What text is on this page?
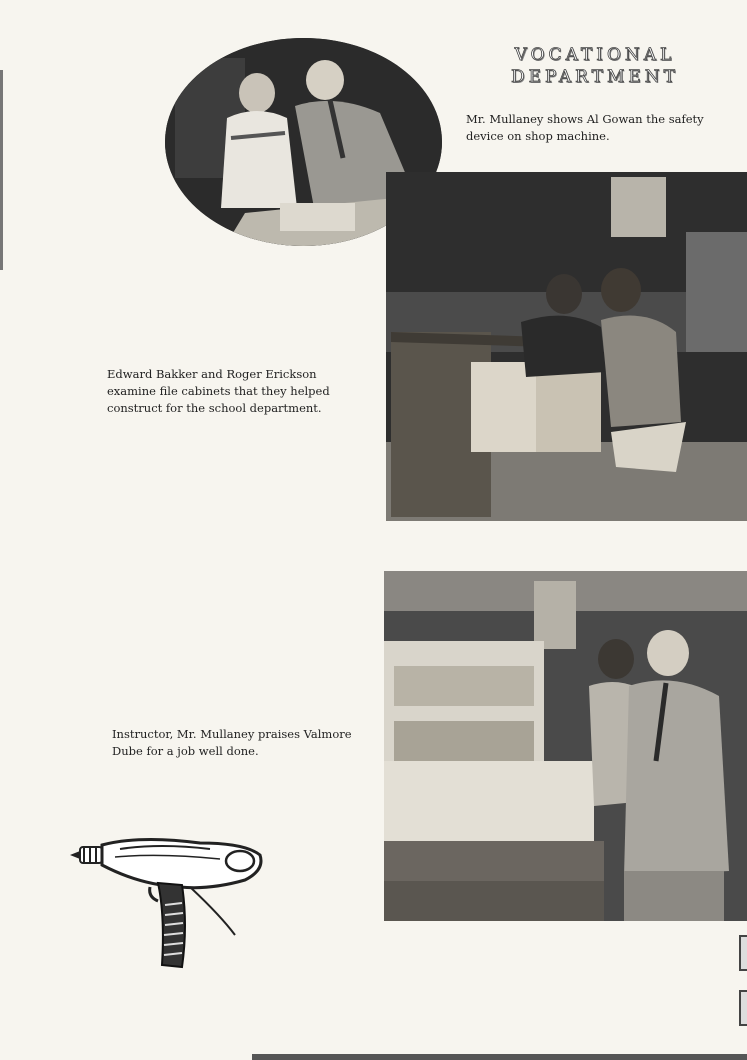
VOCATIONAL
DEPARTMENT
Mr. Mullaney shows Al Gowan the safety device on shop machine.
Edward Bakker and Roger Erickson examine file cabinets that they helped construct for the school department.
Instructor, Mr. Mullaney praises Valmore Dube for a job well done.
